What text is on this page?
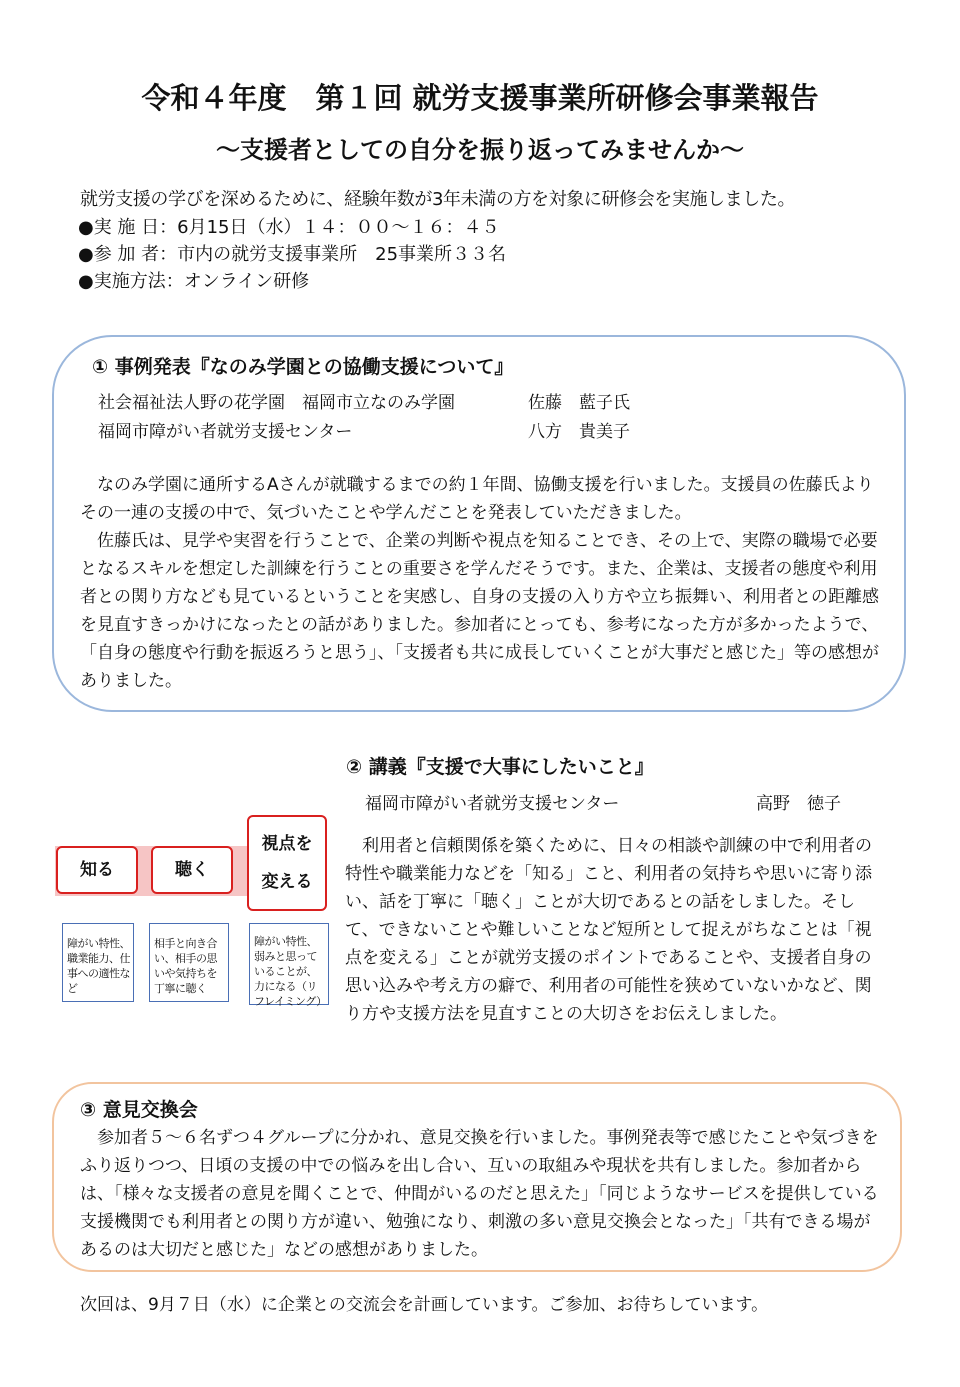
令和４年度　第１回 就労支援事業所研修会事業報告
～支援者としての自分を振り返ってみませんか～
就労支援の学びを深めるために、経験年数が3年未満の方を対象に研修会を実施しました。
●実 施 日：6月15日（水）１４：００～１６：４５
●参 加 者：市内の就労支援事業所　25事業所３３名
●実施方法：オンライン研修
① 事例発表『なのみ学園との協働支援について』
社会福祉法人野の花学園　福岡市立なのみ学園	佐藤　藍子氏
福岡市障がい者就労支援センター	八方　貴美子
なのみ学園に通所するAさんが就職するまでの約１年間、協働支援を行いました。支援員の佐藤氏よりその一連の支援の中で、気づいたことや学んだことを発表していただきました。
佐藤氏は、見学や実習を行うことで、企業の判断や視点を知ることでき、その上で、実際の職場で必要となるスキルを想定した訓練を行うことの重要さを学んだそうです。また、企業は、支援者の態度や利用者との関り方なども見ているということを実感し、自身の支援の入り方や立ち振舞い、利用者との距離感を見直すきっかけになったとの話がありました。参加者にとっても、参考になった方が多かったようで、「自身の態度や行動を振返ろうと思う」、「支援者も共に成長していくことが大事だと感じた」等の感想がありました。
② 講義『支援で大事にしたいこと』
福岡市障がい者就労支援センター	高野　徳子
利用者と信頼関係を築くために、日々の相談や訓練の中で利用者の特性や職業能力などを「知る」こと、利用者の気持ちや思いに寄り添い、話を丁寧に「聴く」ことが大切であるとの話をしました。そして、できないことや難しいことなど短所として捉えがちなことは「視点を変える」ことが就労支援のポイントであることや、支援者自身の思い込みや考え方の癖で、利用者の可能性を狭めていないかなど、関り方や支援方法を見直すことの大切さをお伝えしました。
知る	聴く
視点を
変える
障がい特性、職業能力、仕事への適性など
相手と向き合い、相手の思いや気持ちを丁寧に聴く
障がい特性、弱みと思っていることが、力になる（リフレイミング）
③ 意見交換会
参加者５～６名ずつ４グループに分かれ、意見交換を行いました。事例発表等で感じたことや気づきをふり返りつつ、日頃の支援の中での悩みを出し合い、互いの取組みや現状を共有しました。参加者からは、「様々な支援者の意見を聞くことで、仲間がいるのだと思えた」「同じようなサービスを提供している支援機関でも利用者との関り方が違い、勉強になり、刺激の多い意見交換会となった」「共有できる場があるのは大切だと感じた」などの感想がありました。
次回は、9月７日（水）に企業との交流会を計画しています。ご参加、お待ちしています。
